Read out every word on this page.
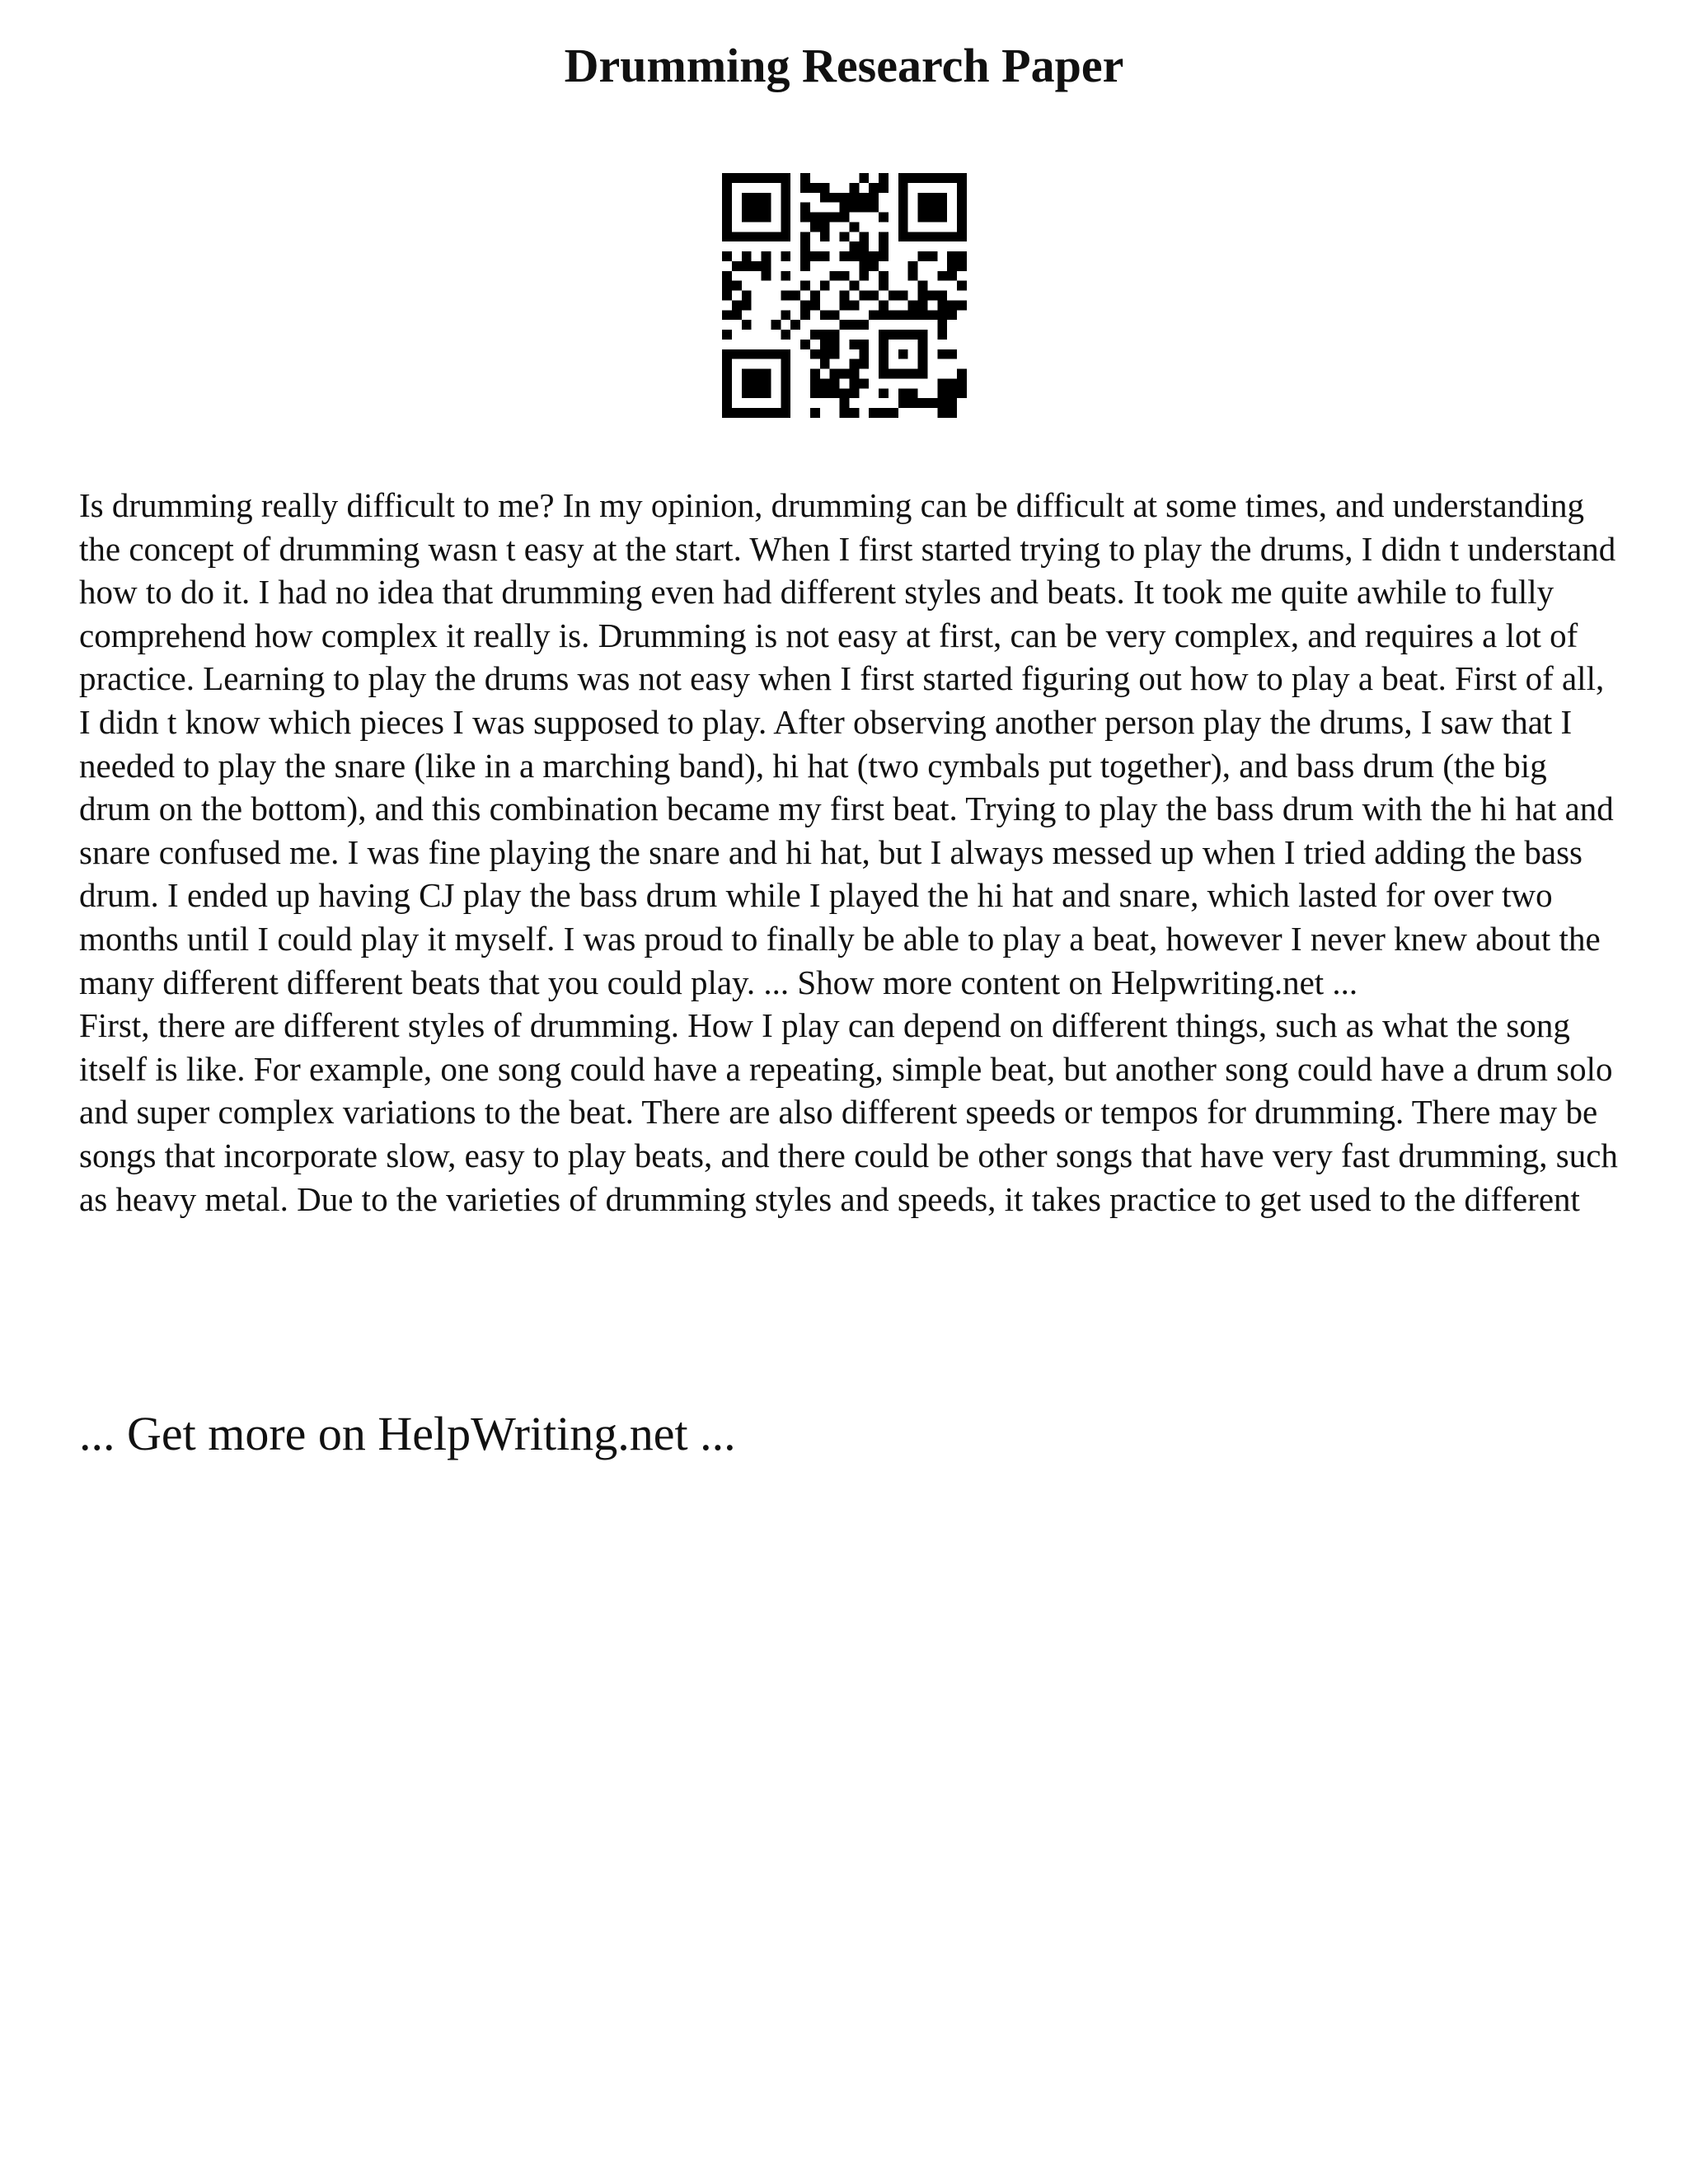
Drumming Research Paper

Is drumming really difficult to me? In my opinion, drumming can be difficult at some times, and understanding the concept of drumming wasn t easy at the start. When I first started trying to play the drums, I didn t understand how to do it. I had no idea that drumming even had different styles and beats. It took me quite awhile to fully comprehend how complex it really is. Drumming is not easy at first, can be very complex, and requires a lot of practice. Learning to play the drums was not easy when I first started figuring out how to play a beat. First of all, I didn t know which pieces I was supposed to play. After observing another person play the drums, I saw that I needed to play the snare (like in a marching band), hi hat (two cymbals put together), and bass drum (the big drum on the bottom), and this combination became my first beat. Trying to play the bass drum with the hi hat and snare confused me. I was fine playing the snare and hi hat, but I always messed up when I tried adding the bass drum. I ended up having CJ play the bass drum while I played the hi hat and snare, which lasted for over two months until I could play it myself. I was proud to finally be able to play a beat, however I never knew about the many different different beats that you could play. ... Show more content on Helpwriting.net ...

First, there are different styles of drumming. How I play can depend on different things, such as what the song itself is like. For example, one song could have a repeating, simple beat, but another song could have a drum solo and super complex variations to the beat. There are also different speeds or tempos for drumming. There may be songs that incorporate slow, easy to play beats, and there could be other songs that have very fast drumming, such as heavy metal. Due to the varieties of drumming styles and speeds, it takes practice to get used to the different

... Get more on HelpWriting.net ...
